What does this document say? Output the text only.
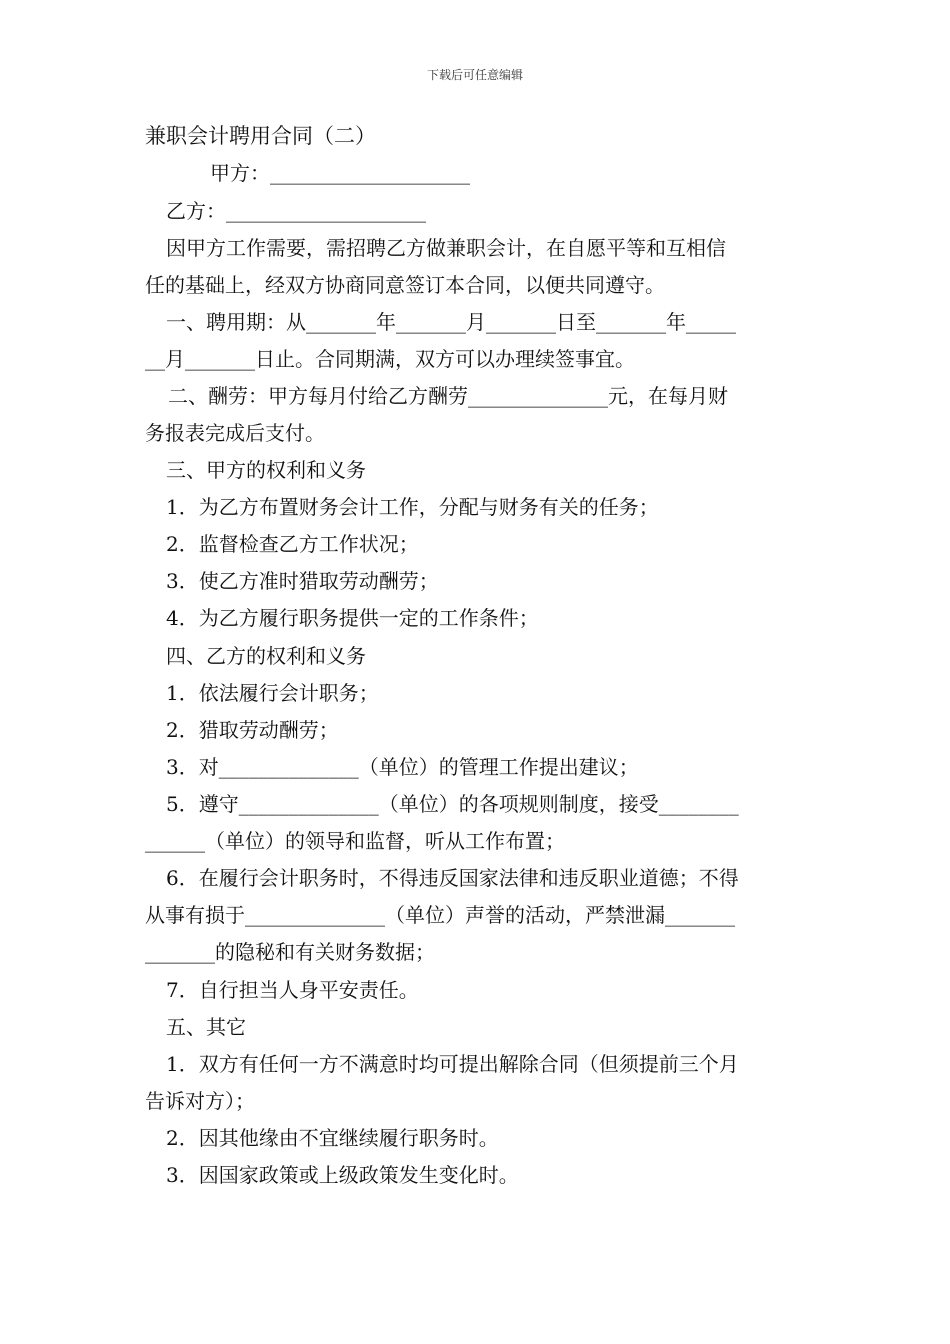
下载后可任意编辑
兼职会计聘用合同（二）
甲方：____________________
乙方：____________________
因甲方工作需要，需招聘乙方做兼职会计，在自愿平等和互相信
任的基础上，经双方协商同意签订本合同，以便共同遵守。
一、聘用期：从_______年_______月_______日至_______年_____
__月_______日止。合同期满，双方可以办理续签事宜。
二、酬劳：甲方每月付给乙方酬劳______________元，在每月财
务报表完成后支付。
三、甲方的权利和义务
1．为乙方布置财务会计工作，分配与财务有关的任务；
2．监督检查乙方工作状况；
3．使乙方准时猎取劳动酬劳；
4．为乙方履行职务提供一定的工作条件；
四、乙方的权利和义务
1．依法履行会计职务；
2．猎取劳动酬劳；
3．对______________（单位）的管理工作提出建议；
5．遵守______________（单位）的各项规则制度，接受________
______（单位）的领导和监督，听从工作布置；
6．在履行会计职务时，不得违反国家法律和违反职业道德；不得
从事有损于______________（单位）声誉的活动，严禁泄漏_______
_______的隐秘和有关财务数据；
7．自行担当人身平安责任。
五、其它
1．双方有任何一方不满意时均可提出解除合同（但须提前三个月
告诉对方）；
2．因其他缘由不宜继续履行职务时。
3．因国家政策或上级政策发生变化时。
